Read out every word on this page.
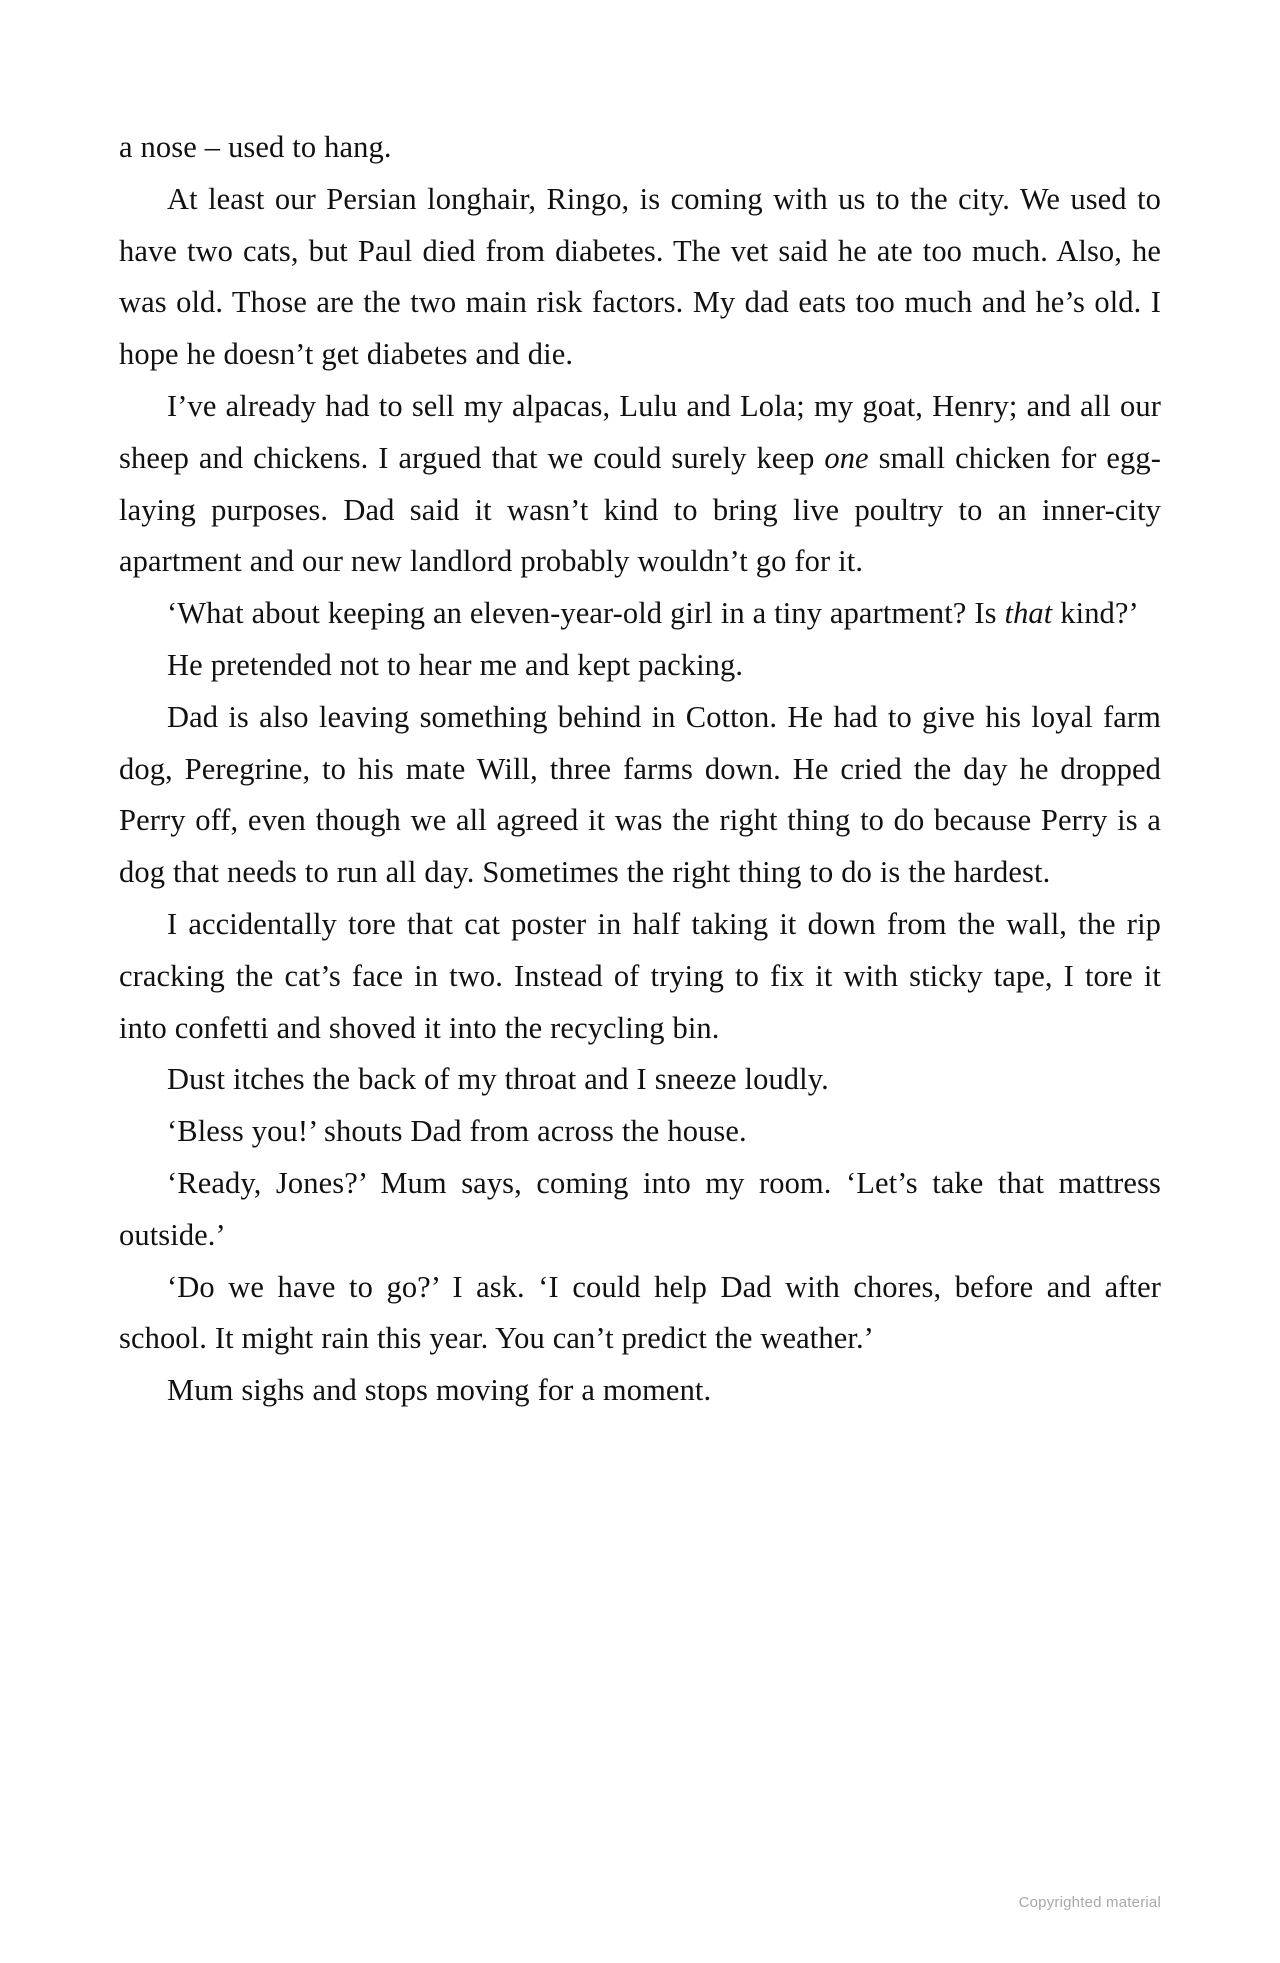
a nose – used to hang.

At least our Persian longhair, Ringo, is coming with us to the city. We used to have two cats, but Paul died from diabetes. The vet said he ate too much. Also, he was old. Those are the two main risk factors. My dad eats too much and he’s old. I hope he doesn’t get diabetes and die.

I’ve already had to sell my alpacas, Lulu and Lola; my goat, Henry; and all our sheep and chickens. I argued that we could surely keep one small chicken for egg-laying purposes. Dad said it wasn’t kind to bring live poultry to an inner-city apartment and our new landlord probably wouldn’t go for it.

‘What about keeping an eleven-year-old girl in a tiny apartment? Is that kind?’

He pretended not to hear me and kept packing.

Dad is also leaving something behind in Cotton. He had to give his loyal farm dog, Peregrine, to his mate Will, three farms down. He cried the day he dropped Perry off, even though we all agreed it was the right thing to do because Perry is a dog that needs to run all day. Sometimes the right thing to do is the hardest.

I accidentally tore that cat poster in half taking it down from the wall, the rip cracking the cat’s face in two. Instead of trying to fix it with sticky tape, I tore it into confetti and shoved it into the recycling bin.

Dust itches the back of my throat and I sneeze loudly.

‘Bless you!’ shouts Dad from across the house.

‘Ready, Jones?’ Mum says, coming into my room. ‘Let’s take that mattress outside.’

‘Do we have to go?’ I ask. ‘I could help Dad with chores, before and after school. It might rain this year. You can’t predict the weather.’

Mum sighs and stops moving for a moment.

Copyrighted material
